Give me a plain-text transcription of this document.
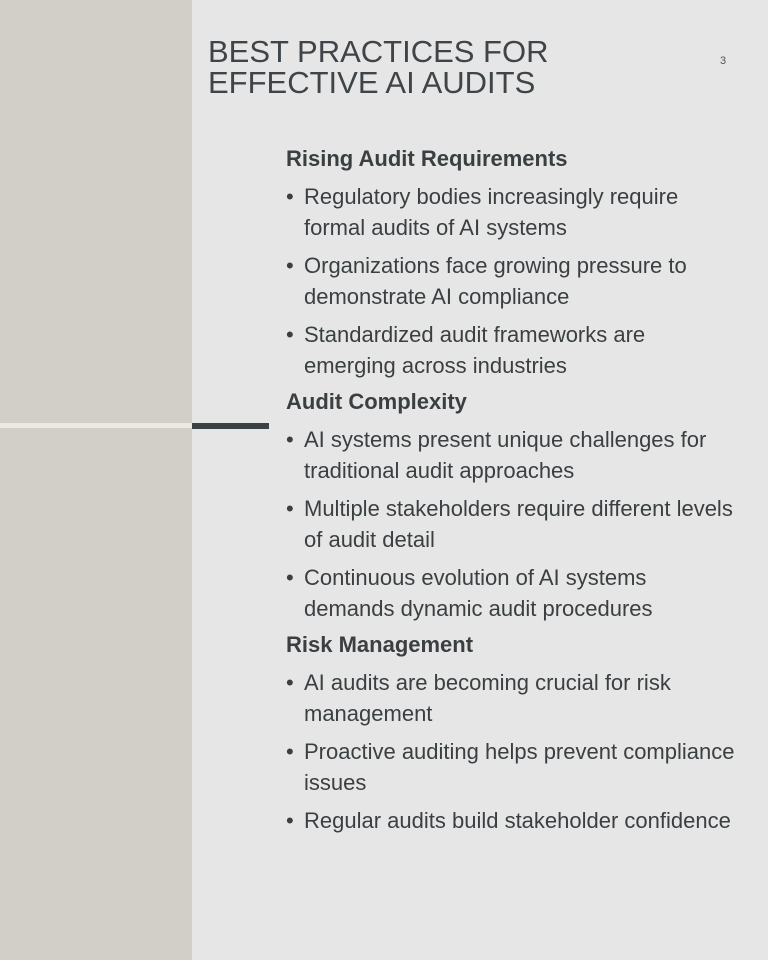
BEST PRACTICES FOR
EFFECTIVE AI AUDITS
3
Rising Audit Requirements
• Regulatory bodies increasingly require formal audits of AI systems
• Organizations face growing pressure to demonstrate AI compliance
• Standardized audit frameworks are emerging across industries
Audit Complexity
• AI systems present unique challenges for traditional audit approaches
• Multiple stakeholders require different levels of audit detail
• Continuous evolution of AI systems demands dynamic audit procedures
Risk Management
• AI audits are becoming crucial for risk management
• Proactive auditing helps prevent compliance issues
• Regular audits build stakeholder confidence
